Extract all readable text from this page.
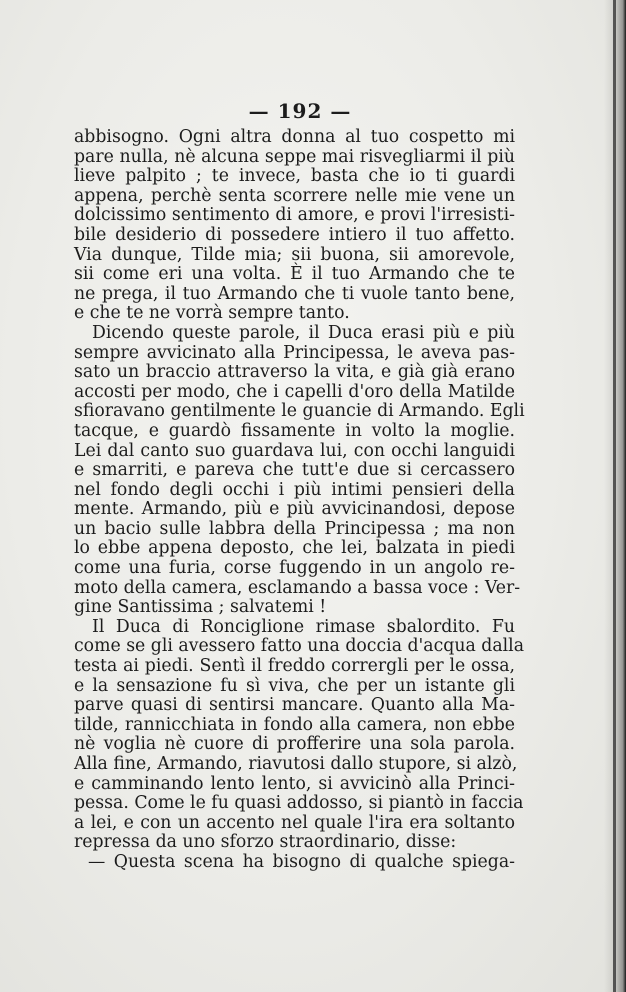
— 192 —
abbisogno. Ogni altra donna al tuo cospetto mi
pare nulla, nè alcuna seppe mai risvegliarmi il più
lieve palpito ; te invece, basta che io ti guardi
appena, perchè senta scorrere nelle mie vene un
dolcissimo sentimento di amore, e provi l'irresisti-
bile desiderio di possedere intiero il tuo affetto.
Via dunque, Tilde mia; sii buona, sii amorevole,
sii come eri una volta. È il tuo Armando che te
ne prega, il tuo Armando che ti vuole tanto bene,
e che te ne vorrà sempre tanto.
Dicendo queste parole, il Duca erasi più e più
sempre avvicinato alla Principessa, le aveva pas-
sato un braccio attraverso la vita, e già già erano
accosti per modo, che i capelli d'oro della Matilde
sfioravano gentilmente le guancie di Armando. Egli
tacque, e guardò fissamente in volto la moglie.
Lei dal canto suo guardava lui, con occhi languidi
e smarriti, e pareva che tutt'e due si cercassero
nel fondo degli occhi i più intimi pensieri della
mente. Armando, più e più avvicinandosi, depose
un bacio sulle labbra della Principessa ; ma non
lo ebbe appena deposto, che lei, balzata in piedi
come una furia, corse fuggendo in un angolo re-
moto della camera, esclamando a bassa voce : Ver-
gine Santissima ; salvatemi !
Il Duca di Ronciglione rimase sbalordito. Fu
come se gli avessero fatto una doccia d'acqua dalla
testa ai piedi. Sentì il freddo corrergli per le ossa,
e la sensazione fu sì viva, che per un istante gli
parve quasi di sentirsi mancare. Quanto alla Ma-
tilde, rannicchiata in fondo alla camera, non ebbe
nè voglia nè cuore di profferire una sola parola.
Alla fine, Armando, riavutosi dallo stupore, si alzò,
e camminando lento lento, si avvicinò alla Princi-
pessa. Come le fu quasi addosso, si piantò in faccia
a lei, e con un accento nel quale l'ira era soltanto
repressa da uno sforzo straordinario, disse:
— Questa scena ha bisogno di qualche spiega-
